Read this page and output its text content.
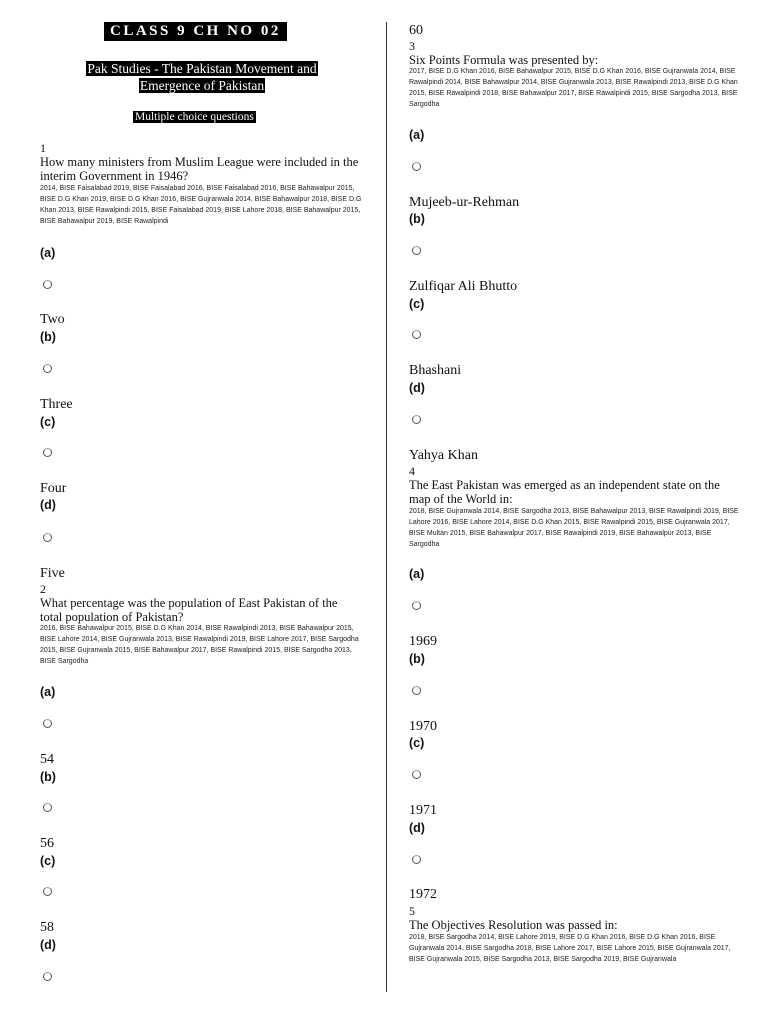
CLASS 9 CH NO 02
Pak Studies - The Pakistan Movement and Emergence of Pakistan
Multiple choice questions
1
How many ministers from Muslim League were included in the interim Government in 1946?
2014, BISE Faisalabad 2019, BISE Faisalabad 2016, BISE Faisalabad 2016, BISE Bahawalpur 2015, BISE D.G Khan 2019, BISE D.G Khan 2016, BISE Gujranwala 2014, BISE Bahawalpur 2018, BISE D.G Khan 2013, BISE Rawalpindi 2015, BISE Faisalabad 2019, BISE Lahore 2018, BISE Bahawalpur 2015, BISE Bahawalpur 2019, BISE Rawalpindi
(a)
Two
(b)
Three
(c)
Four
(d)
Five
2
What percentage was the population of East Pakistan of the total population of Pakistan?
2016, BISE Bahawalpur 2015, BISE D.G Khan 2014, BISE Rawalpindi 2013, BISE Bahawalpur 2015, BISE Lahore 2014, BISE Gujranwala 2013, BISE Rawalpindi 2019, BISE Lahore 2017, BISE Sargodha 2015, BISE Gujranwala 2015, BISE Bahawalpur 2017, BISE Rawalpindi 2015, BISE Sargodha 2013, BISE Sargodha
(a)
54
(b)
56
(c)
58
(d)
60
3
Six Points Formula was presented by:
2017, BISE D.G Khan 2016, BISE Bahawalpur 2015, BISE D.G Khan 2016, BISE Gujranwala 2014, BISE Rawalpindi 2014, BISE Bahawalpur 2014, BISE Gujranwala 2013, BISE Rawalpindi 2013, BISE D.G Khan 2015, BISE Rawalpindi 2018, BISE Bahawalpur 2017, BISE Rawalpindi 2015, BISE Sargodha 2013, BISE Sargodha
(a)
Mujeeb-ur-Rehman
(b)
Zulfiqar Ali Bhutto
(c)
Bhashani
(d)
Yahya Khan
4
The East Pakistan was emerged as an independent state on the map of the World in:
2018, BISE Gujranwala 2014, BISE Sargodha 2013, BISE Bahawalpur 2013, BISE Rawalpindi 2019, BISE Lahore 2016, BISE Lahore 2014, BISE D.G Khan 2015, BISE Rawalpindi 2015, BISE Gujranwala 2017, BISE Multan 2015, BISE Bahawalpur 2017, BISE Rawalpindi 2019, BISE Bahawalpur 2013, BISE Sargodha
(a)
1969
(b)
1970
(c)
1971
(d)
1972
5
The Objectives Resolution was passed in:
2018, BISE Sargodha 2014, BISE Lahore 2019, BISE D.G Khan 2016, BISE D.G Khan 2016, BISE Gujranwala 2014, BISE Sargodha 2018, BISE Lahore 2017, BISE Lahore 2015, BISE Gujranwala 2017, BISE Gujranwala 2015, BISE Sargodha 2013, BISE Sargodha 2019, BISE Gujranwala
